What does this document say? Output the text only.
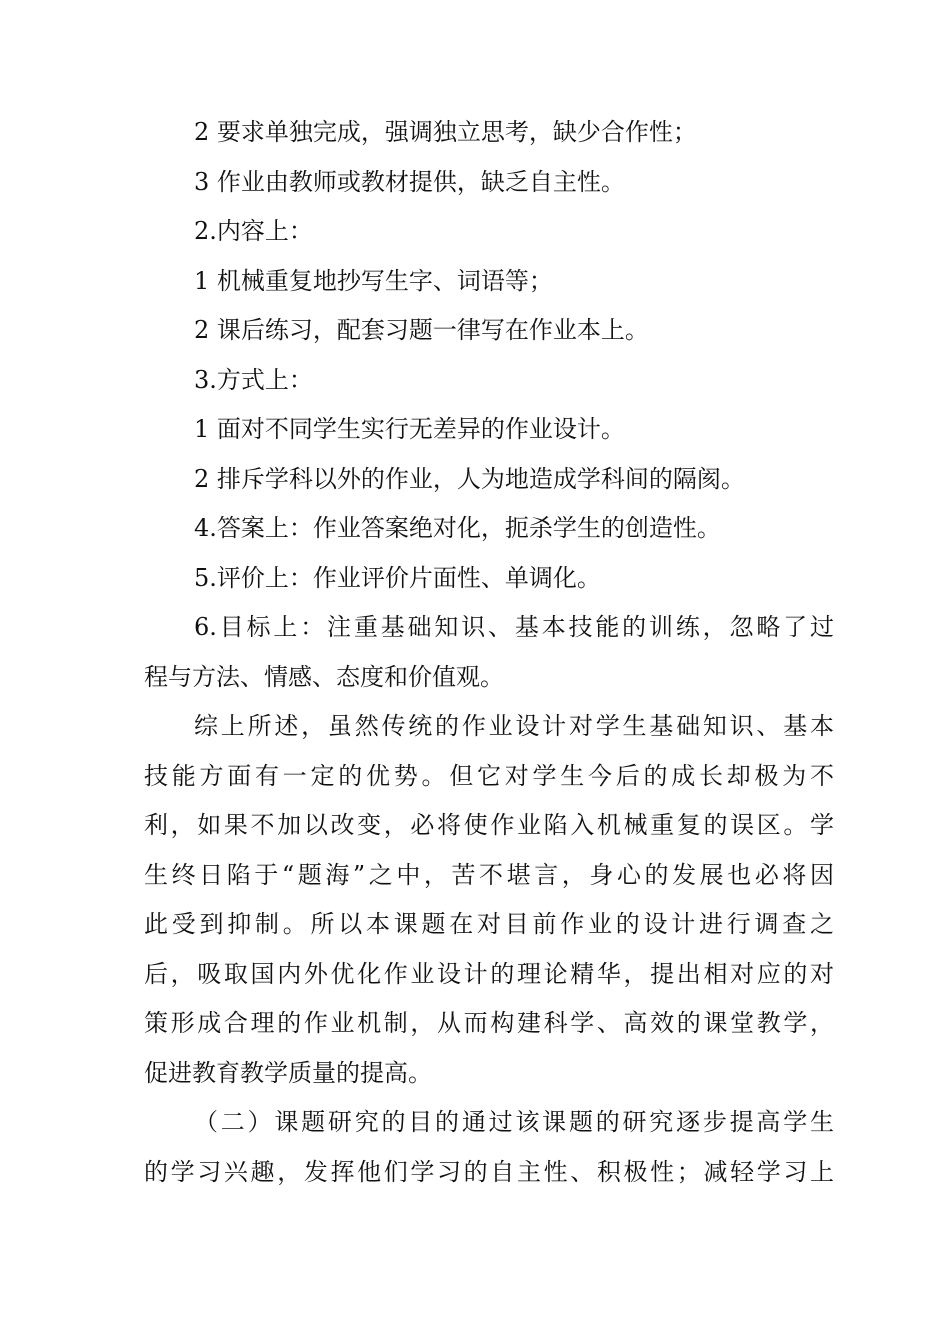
2 要求单独完成，强调独立思考，缺少合作性；
3 作业由教师或教材提供，缺乏自主性。
2.内容上：
1 机械重复地抄写生字、词语等；
2 课后练习，配套习题一律写在作业本上。
3.方式上：
1 面对不同学生实行无差异的作业设计。
2 排斥学科以外的作业，人为地造成学科间的隔阂。
4.答案上：作业答案绝对化，扼杀学生的创造性。
5.评价上：作业评价片面性、单调化。
6.目标上：注重基础知识、基本技能的训练，忽略了过
程与方法、情感、态度和价值观。
综上所述，虽然传统的作业设计对学生基础知识、基本
技能方面有一定的优势。但它对学生今后的成长却极为不
利，如果不加以改变，必将使作业陷入机械重复的误区。学
生终日陷于“题海”之中，苦不堪言，身心的发展也必将因
此受到抑制。所以本课题在对目前作业的设计进行调查之
后，吸取国内外优化作业设计的理论精华，提出相对应的对
策形成合理的作业机制，从而构建科学、高效的课堂教学，
促进教育教学质量的提高。
（二）课题研究的目的通过该课题的研究逐步提高学生
的学习兴趣，发挥他们学习的自主性、积极性；减轻学习上
